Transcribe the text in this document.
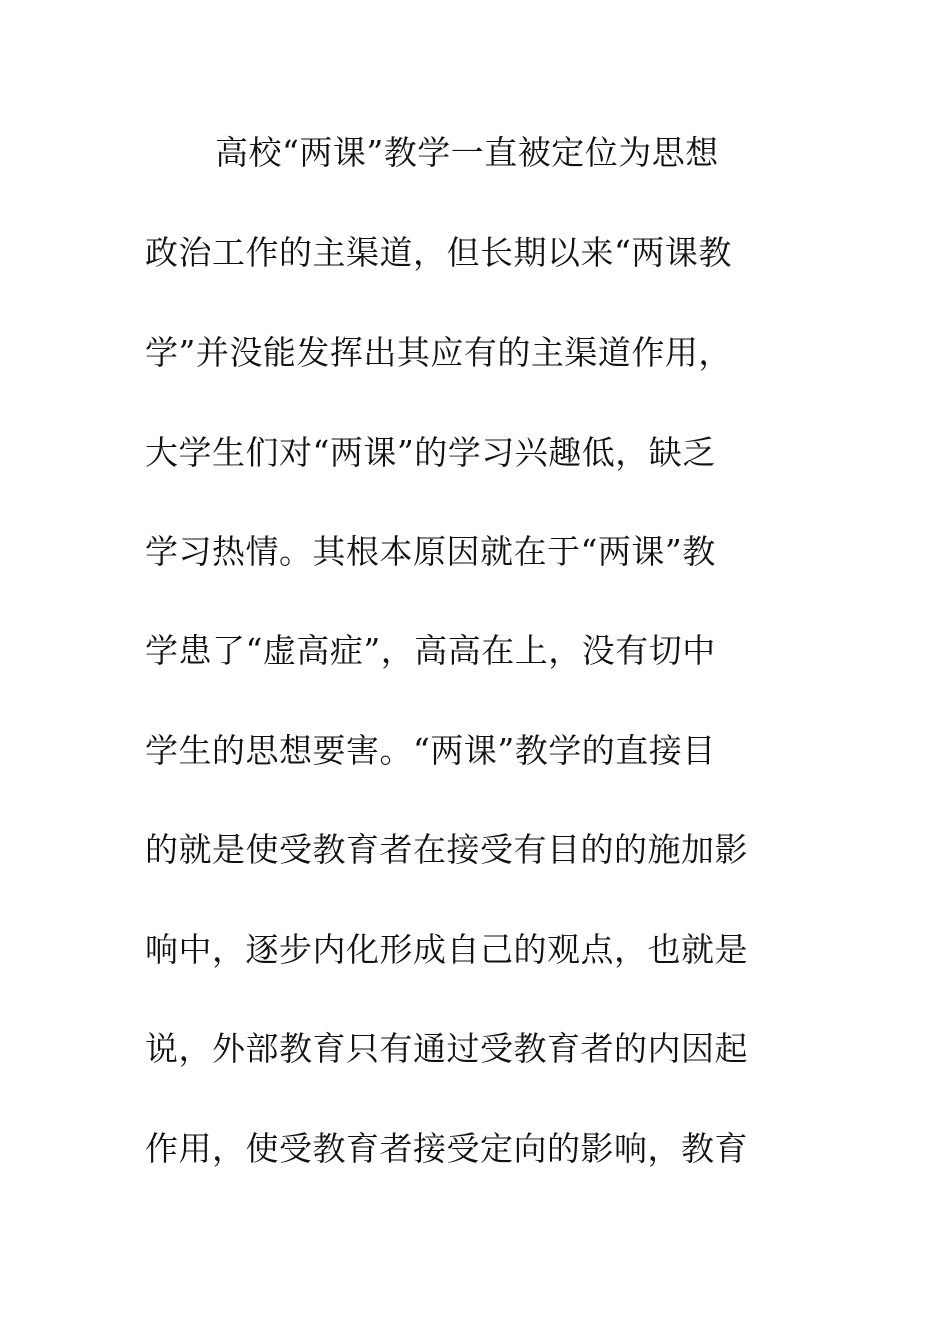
高校“两课”教学一直被定位为思想
政治工作的主渠道，但长期以来“两课教
学”并没能发挥出其应有的主渠道作用，
大学生们对“两课”的学习兴趣低，缺乏
学习热情。其根本原因就在于“两课”教
学患了“虚高症”，高高在上，没有切中
学生的思想要害。“两课”教学的直接目
的就是使受教育者在接受有目的的施加影
响中，逐步内化形成自己的观点，也就是
说，外部教育只有通过受教育者的内因起
作用，使受教育者接受定向的影响，教育
